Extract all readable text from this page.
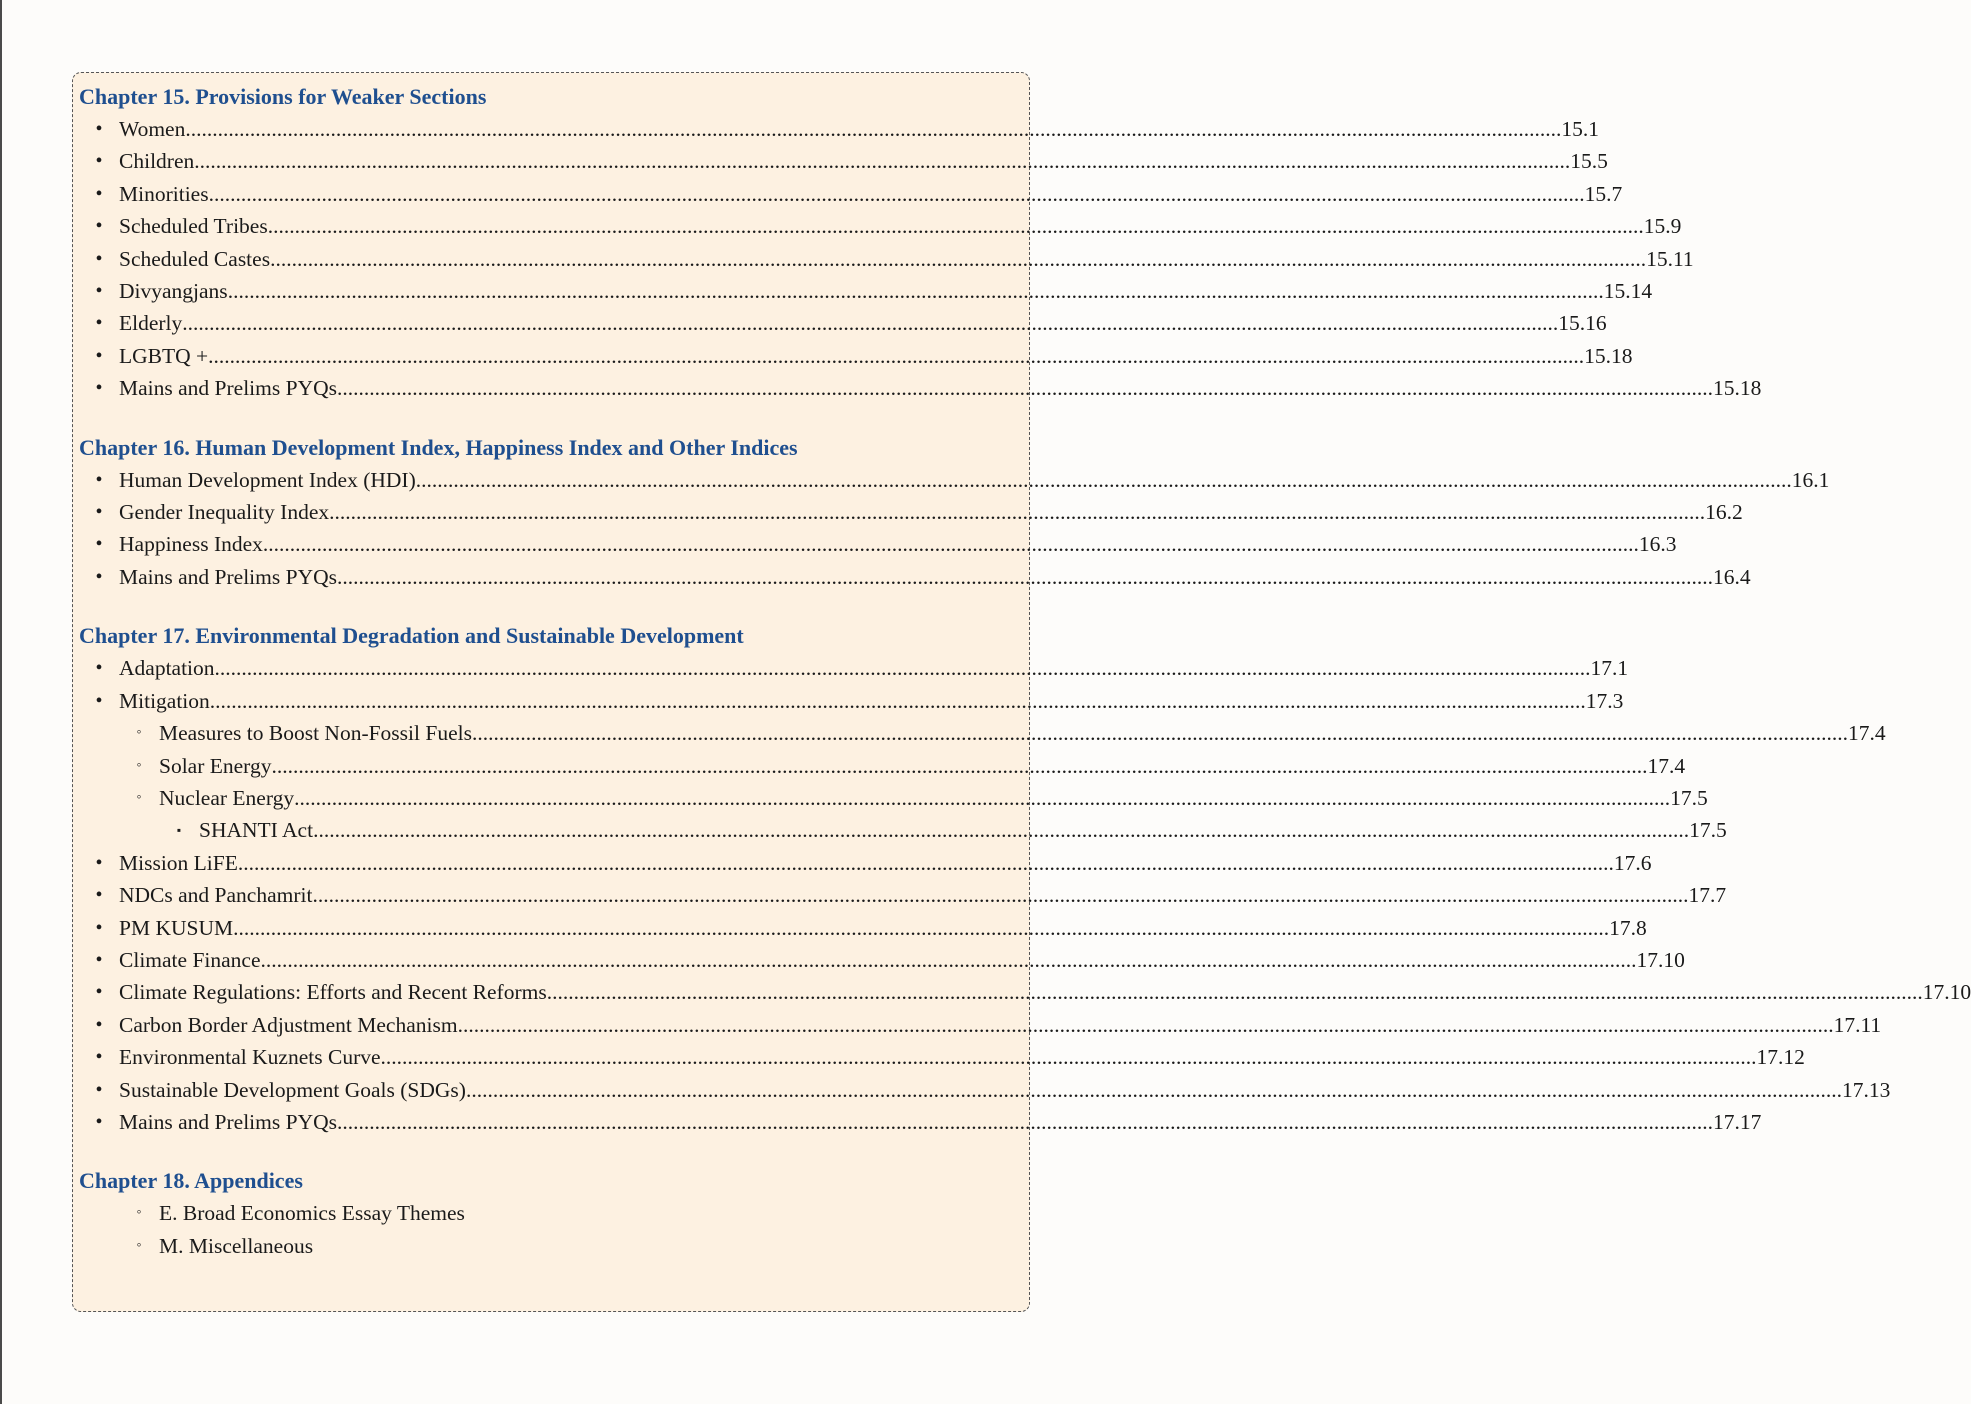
Chapter 15. Provisions for Weaker Sections
• Women .....	15.1
• Children .....	15.5
• Minorities .....	15.7
• Scheduled Tribes .....	15.9
• Scheduled Castes .....	15.11
• Divyangjans .....	15.14
• Elderly .....	15.16
• LGBTQ + .....	15.18
• Mains and Prelims PYQs .....	15.18
Chapter 16. Human Development Index, Happiness Index and Other Indices
• Human Development Index (HDI) .....	16.1
• Gender Inequality Index .....	16.2
• Happiness Index .....	16.3
• Mains and Prelims PYQs .....	16.4
Chapter 17. Environmental Degradation and Sustainable Development
• Adaptation .....	17.1
• Mitigation .....	17.3
◦ Measures to Boost Non-Fossil Fuels .....	17.4
◦ Solar Energy .....	17.4
◦ Nuclear Energy .....	17.5
▪ SHANTI Act .....	17.5
• Mission LiFE .....	17.6
• NDCs and Panchamrit .....	17.7
• PM KUSUM .....	17.8
• Climate Finance .....	17.10
• Climate Regulations: Efforts and Recent Reforms .....	17.10
• Carbon Border Adjustment Mechanism .....	17.11
• Environmental Kuznets Curve .....	17.12
• Sustainable Development Goals (SDGs) .....	17.13
• Mains and Prelims PYQs .....	17.17
Chapter 18. Appendices
◦ E. Broad Economics Essay Themes
◦ M. Miscellaneous
